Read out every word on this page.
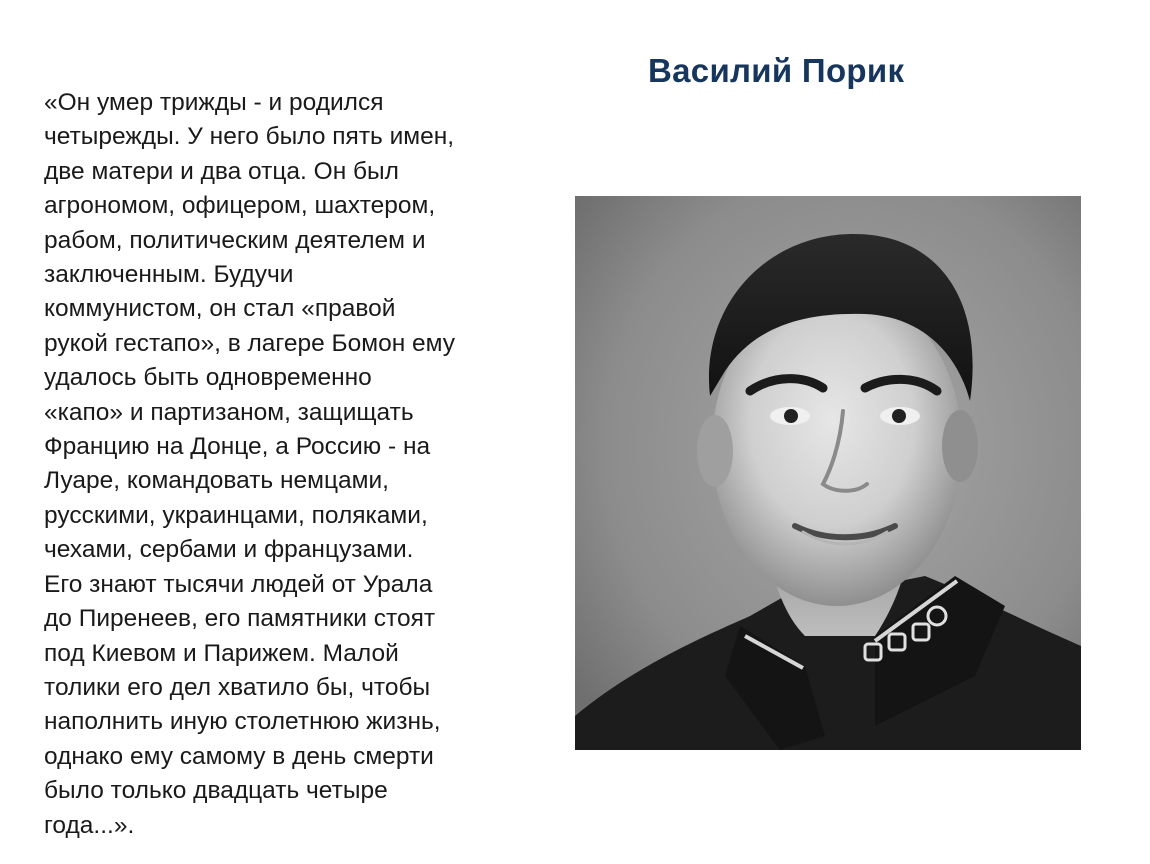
Василий Порик

«Он умер трижды - и родился
четырежды. У него было пять имен,
две матери и два отца. Он был
агрономом, офицером, шахтером,
рабом, политическим деятелем и
заключенным. Будучи
коммунистом, он стал «правой
рукой гестапо», в лагере Бомон ему
удалось быть одновременно
«капо» и партизаном, защищать
Францию на Донце, а Россию - на
Луаре, командовать немцами,
русскими, украинцами, поляками,
чехами, сербами и французами.
Его знают тысячи людей от Урала
до Пиренеев, его памятники стоят
под Киевом и Парижем. Малой
толики его дел хватило бы, чтобы
наполнить иную столетнюю жизнь,
однако ему самому в день смерти
было только двадцать четыре
года...».
